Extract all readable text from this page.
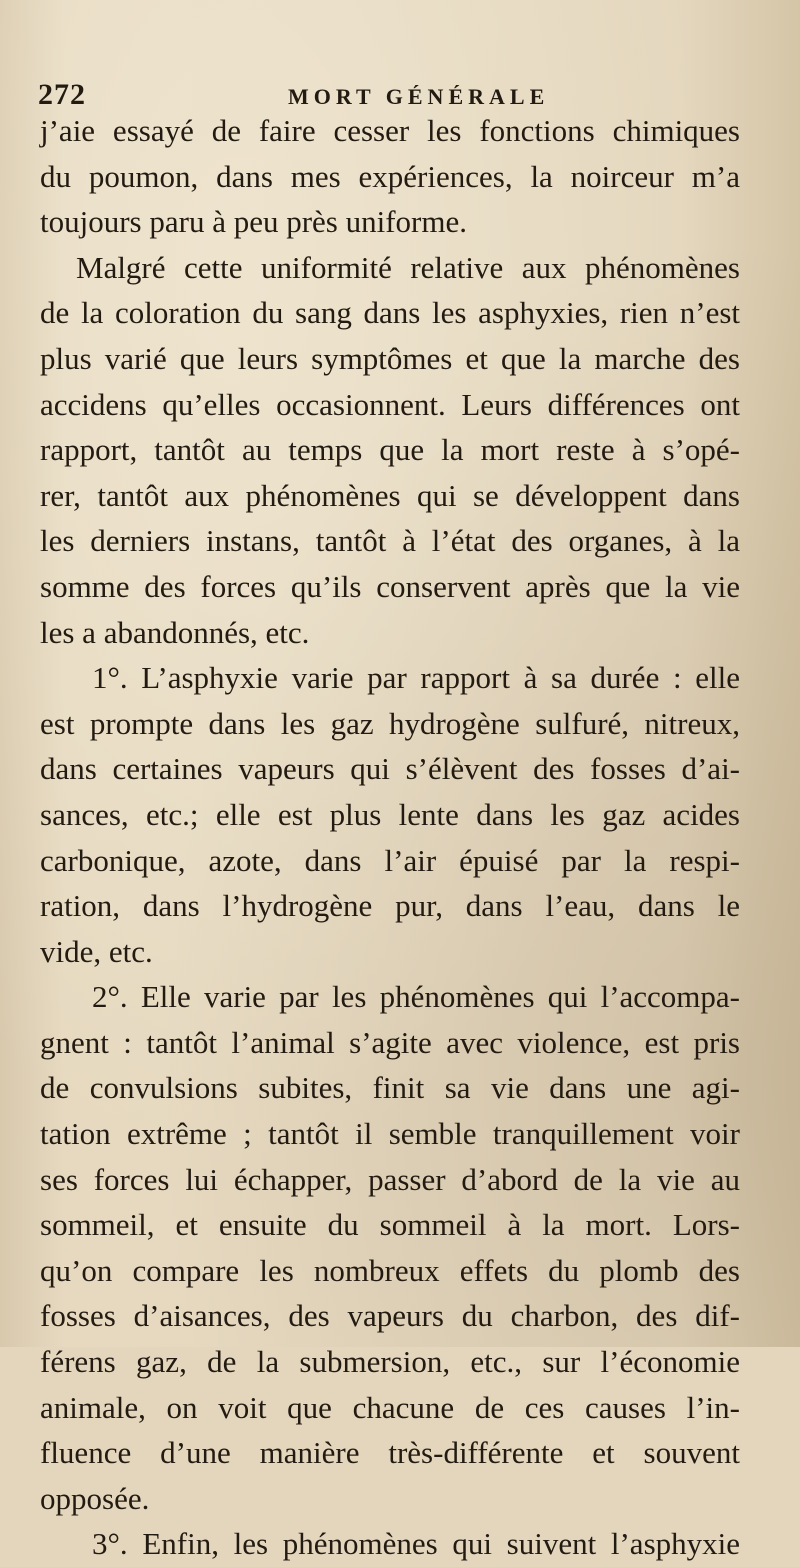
272	MORT GÉNÉRALE
j’aie essayé de faire cesser les fonctions chimiques
du poumon, dans mes expériences, la noirceur m’a
toujours paru à peu près uniforme.
Malgré cette uniformité relative aux phénomènes
de la coloration du sang dans les asphyxies, rien n’est
plus varié que leurs symptômes et que la marche des
accidens qu’elles occasionnent. Leurs différences ont
rapport, tantôt au temps que la mort reste à s’opé-
rer, tantôt aux phénomènes qui se développent dans
les derniers instans, tantôt à l’état des organes, à la
somme des forces qu’ils conservent après que la vie
les a abandonnés, etc.
1°. L’asphyxie varie par rapport à sa durée : elle
est prompte dans les gaz hydrogène sulfuré, nitreux,
dans certaines vapeurs qui s’élèvent des fosses d’ai-
sances, etc.; elle est plus lente dans les gaz acides
carbonique, azote, dans l’air épuisé par la respi-
ration, dans l’hydrogène pur, dans l’eau, dans le
vide, etc.
2°. Elle varie par les phénomènes qui l’accompa-
gnent : tantôt l’animal s’agite avec violence, est pris
de convulsions subites, finit sa vie dans une agi-
tation extrême ; tantôt il semble tranquillement voir
ses forces lui échapper, passer d’abord de la vie au
sommeil, et ensuite du sommeil à la mort. Lors-
qu’on compare les nombreux effets du plomb des
fosses d’aisances, des vapeurs du charbon, des dif-
férens gaz, de la submersion, etc., sur l’économie
animale, on voit que chacune de ces causes l’in-
fluence d’une manière très-différente et souvent
opposée.
3°. Enfin, les phénomènes qui suivent l’asphyxie
